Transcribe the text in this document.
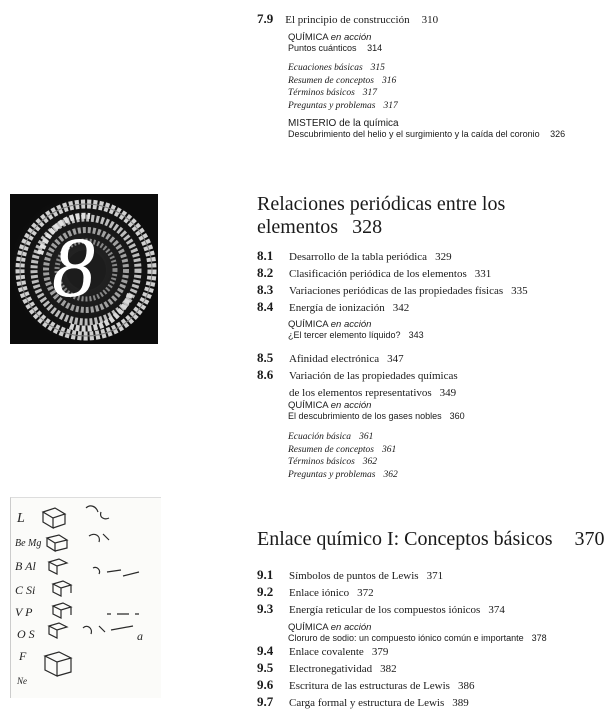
7.9 El principio de construcción 310
QUÍMICA en acción
Puntos cuánticos 314
Ecuaciones básicas 315
Resumen de conceptos 316
Términos básicos 317
Preguntas y problemas 317
MISTERIO de la química
Descubrimiento del helio y el surgimiento y la caída del coronio 326
8
Relaciones periódicas entre los
elementos 328
8.1 Desarrollo de la tabla periódica 329
8.2 Clasificación periódica de los elementos 331
8.3 Variaciones periódicas de las propiedades físicas 335
8.4 Energía de ionización 342
QUÍMICA en acción
¿El tercer elemento líquido? 343
8.5 Afinidad electrónica 347
8.6 Variación de las propiedades químicas
de los elementos representativos 349
QUÍMICA en acción
El descubrimiento de los gases nobles 360
Ecuación básica 361
Resumen de conceptos 361
Términos básicos 362
Preguntas y problemas 362
L
Be Mg
B Al
C Si
V P
O S
F
Ne
a
Enlace químico I: Conceptos básicos 370
9.1 Símbolos de puntos de Lewis 371
9.2 Enlace iónico 372
9.3 Energía reticular de los compuestos iónicos 374
QUÍMICA en acción
Cloruro de sodio: un compuesto iónico común e importante 378
9.4 Enlace covalente 379
9.5 Electronegatividad 382
9.6 Escritura de las estructuras de Lewis 386
9.7 Carga formal y estructura de Lewis 389
